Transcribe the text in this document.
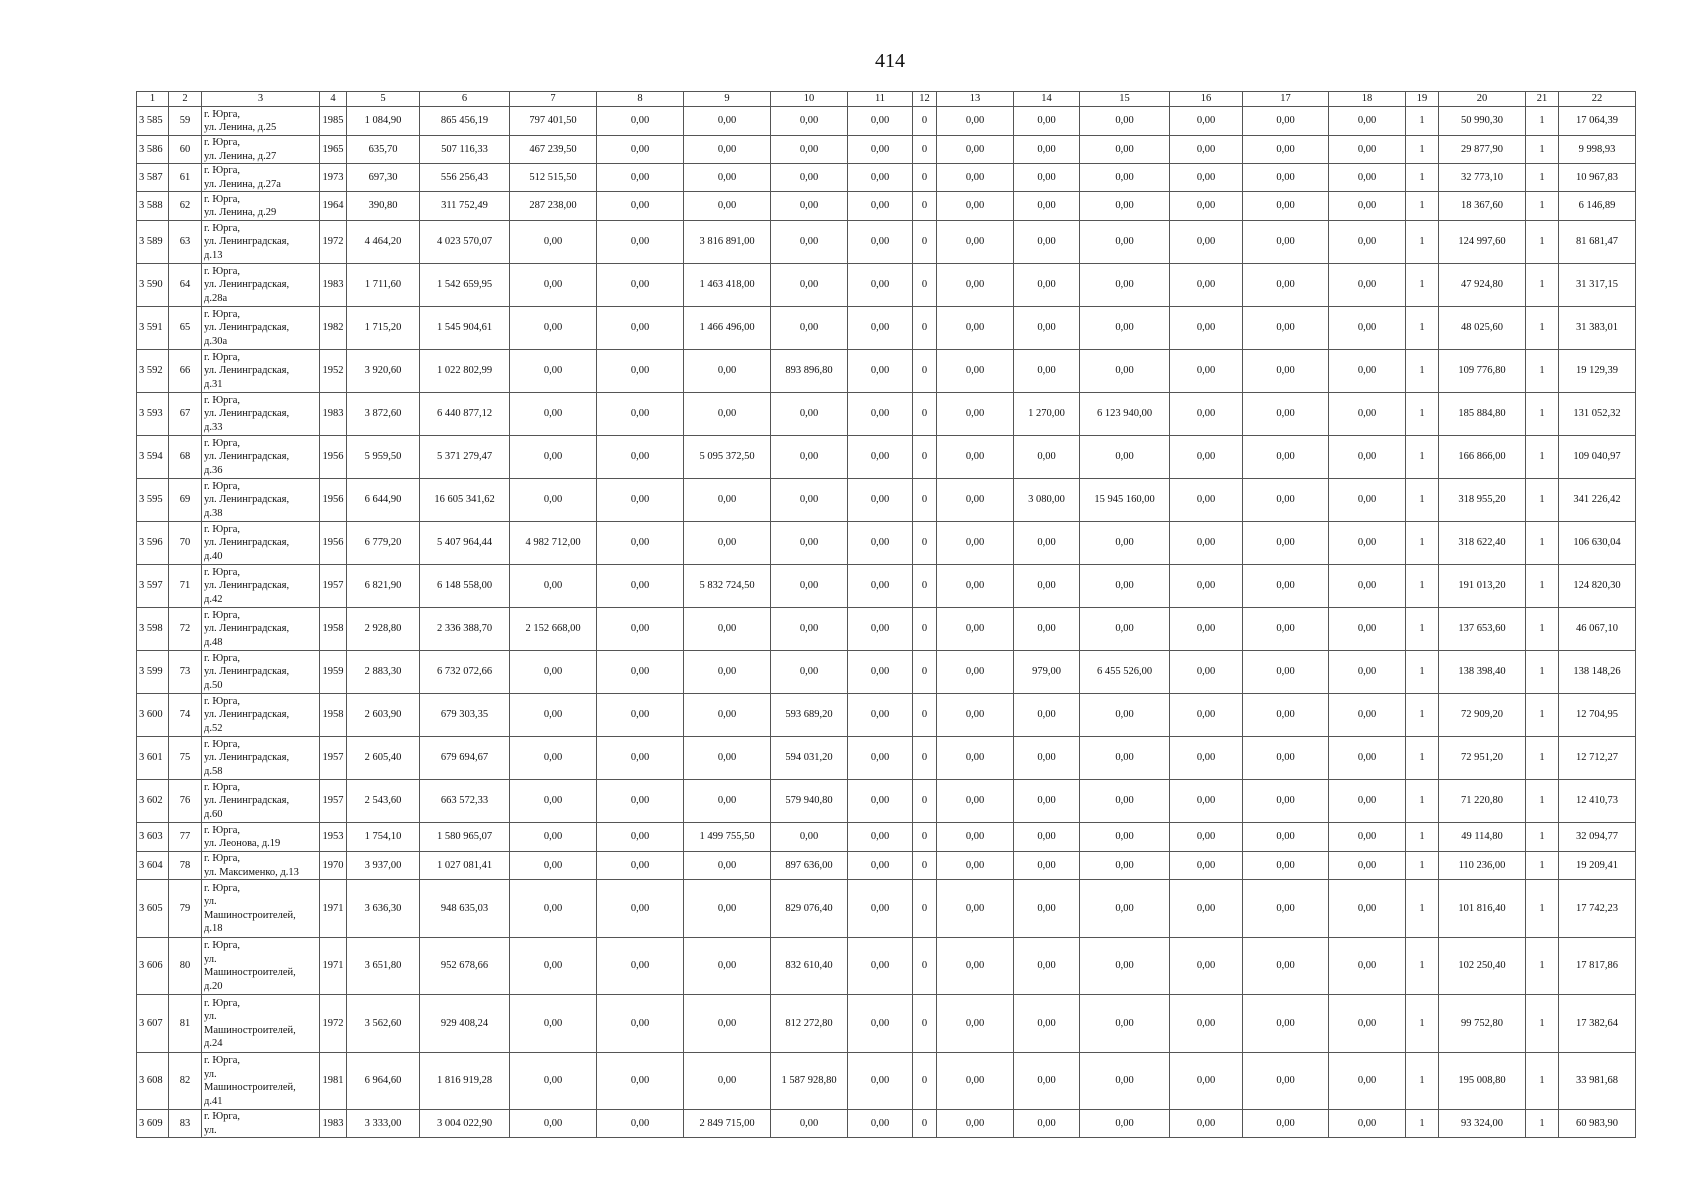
414
1	2	3	4	5	6	7	8	9	10	11	12	13	14	15	16	17	18	19	20	21	22
3 585	59	г. Юрга,
ул. Ленина, д.25	1985	1 084,90	865 456,19	797 401,50	0,00	0,00	0,00	0,00	0	0,00	0,00	0,00	0,00	0,00	0,00	1	50 990,30	1	17 064,39
3 586	60	г. Юрга,
ул. Ленина, д.27	1965	635,70	507 116,33	467 239,50	0,00	0,00	0,00	0,00	0	0,00	0,00	0,00	0,00	0,00	0,00	1	29 877,90	1	9 998,93
3 587	61	г. Юрга,
ул. Ленина, д.27а	1973	697,30	556 256,43	512 515,50	0,00	0,00	0,00	0,00	0	0,00	0,00	0,00	0,00	0,00	0,00	1	32 773,10	1	10 967,83
3 588	62	г. Юрга,
ул. Ленина, д.29	1964	390,80	311 752,49	287 238,00	0,00	0,00	0,00	0,00	0	0,00	0,00	0,00	0,00	0,00	0,00	1	18 367,60	1	6 146,89
3 589	63	г. Юрга,
ул. Ленинградская,
д.13	1972	4 464,20	4 023 570,07	0,00	0,00	3 816 891,00	0,00	0,00	0	0,00	0,00	0,00	0,00	0,00	0,00	1	124 997,60	1	81 681,47
3 590	64	г. Юрга,
ул. Ленинградская,
д.28а	1983	1 711,60	1 542 659,95	0,00	0,00	1 463 418,00	0,00	0,00	0	0,00	0,00	0,00	0,00	0,00	0,00	1	47 924,80	1	31 317,15
3 591	65	г. Юрга,
ул. Ленинградская,
д.30а	1982	1 715,20	1 545 904,61	0,00	0,00	1 466 496,00	0,00	0,00	0	0,00	0,00	0,00	0,00	0,00	0,00	1	48 025,60	1	31 383,01
3 592	66	г. Юрга,
ул. Ленинградская,
д.31	1952	3 920,60	1 022 802,99	0,00	0,00	0,00	893 896,80	0,00	0	0,00	0,00	0,00	0,00	0,00	0,00	1	109 776,80	1	19 129,39
3 593	67	г. Юрга,
ул. Ленинградская,
д.33	1983	3 872,60	6 440 877,12	0,00	0,00	0,00	0,00	0,00	0	0,00	1 270,00	6 123 940,00	0,00	0,00	0,00	1	185 884,80	1	131 052,32
3 594	68	г. Юрга,
ул. Ленинградская,
д.36	1956	5 959,50	5 371 279,47	0,00	0,00	5 095 372,50	0,00	0,00	0	0,00	0,00	0,00	0,00	0,00	0,00	1	166 866,00	1	109 040,97
3 595	69	г. Юрга,
ул. Ленинградская,
д.38	1956	6 644,90	16 605 341,62	0,00	0,00	0,00	0,00	0,00	0	0,00	3 080,00	15 945 160,00	0,00	0,00	0,00	1	318 955,20	1	341 226,42
3 596	70	г. Юрга,
ул. Ленинградская,
д.40	1956	6 779,20	5 407 964,44	4 982 712,00	0,00	0,00	0,00	0,00	0	0,00	0,00	0,00	0,00	0,00	0,00	1	318 622,40	1	106 630,04
3 597	71	г. Юрга,
ул. Ленинградская,
д.42	1957	6 821,90	6 148 558,00	0,00	0,00	5 832 724,50	0,00	0,00	0	0,00	0,00	0,00	0,00	0,00	0,00	1	191 013,20	1	124 820,30
3 598	72	г. Юрга,
ул. Ленинградская,
д.48	1958	2 928,80	2 336 388,70	2 152 668,00	0,00	0,00	0,00	0,00	0	0,00	0,00	0,00	0,00	0,00	0,00	1	137 653,60	1	46 067,10
3 599	73	г. Юрга,
ул. Ленинградская,
д.50	1959	2 883,30	6 732 072,66	0,00	0,00	0,00	0,00	0,00	0	0,00	979,00	6 455 526,00	0,00	0,00	0,00	1	138 398,40	1	138 148,26
3 600	74	г. Юрга,
ул. Ленинградская,
д.52	1958	2 603,90	679 303,35	0,00	0,00	0,00	593 689,20	0,00	0	0,00	0,00	0,00	0,00	0,00	0,00	1	72 909,20	1	12 704,95
3 601	75	г. Юрга,
ул. Ленинградская,
д.58	1957	2 605,40	679 694,67	0,00	0,00	0,00	594 031,20	0,00	0	0,00	0,00	0,00	0,00	0,00	0,00	1	72 951,20	1	12 712,27
3 602	76	г. Юрга,
ул. Ленинградская,
д.60	1957	2 543,60	663 572,33	0,00	0,00	0,00	579 940,80	0,00	0	0,00	0,00	0,00	0,00	0,00	0,00	1	71 220,80	1	12 410,73
3 603	77	г. Юрга,
ул. Леонова, д.19	1953	1 754,10	1 580 965,07	0,00	0,00	1 499 755,50	0,00	0,00	0	0,00	0,00	0,00	0,00	0,00	0,00	1	49 114,80	1	32 094,77
3 604	78	г. Юрга,
ул. Максименко, д.13	1970	3 937,00	1 027 081,41	0,00	0,00	0,00	897 636,00	0,00	0	0,00	0,00	0,00	0,00	0,00	0,00	1	110 236,00	1	19 209,41
3 605	79	г. Юрга,
ул.
Машиностроителей,
д.18	1971	3 636,30	948 635,03	0,00	0,00	0,00	829 076,40	0,00	0	0,00	0,00	0,00	0,00	0,00	0,00	1	101 816,40	1	17 742,23
3 606	80	г. Юрга,
ул.
Машиностроителей,
д.20	1971	3 651,80	952 678,66	0,00	0,00	0,00	832 610,40	0,00	0	0,00	0,00	0,00	0,00	0,00	0,00	1	102 250,40	1	17 817,86
3 607	81	г. Юрга,
ул.
Машиностроителей,
д.24	1972	3 562,60	929 408,24	0,00	0,00	0,00	812 272,80	0,00	0	0,00	0,00	0,00	0,00	0,00	0,00	1	99 752,80	1	17 382,64
3 608	82	г. Юрга,
ул.
Машиностроителей,
д.41	1981	6 964,60	1 816 919,28	0,00	0,00	0,00	1 587 928,80	0,00	0	0,00	0,00	0,00	0,00	0,00	0,00	1	195 008,80	1	33 981,68
3 609	83	г. Юрга,
ул.	1983	3 333,00	3 004 022,90	0,00	0,00	2 849 715,00	0,00	0,00	0	0,00	0,00	0,00	0,00	0,00	0,00	1	93 324,00	1	60 983,90
